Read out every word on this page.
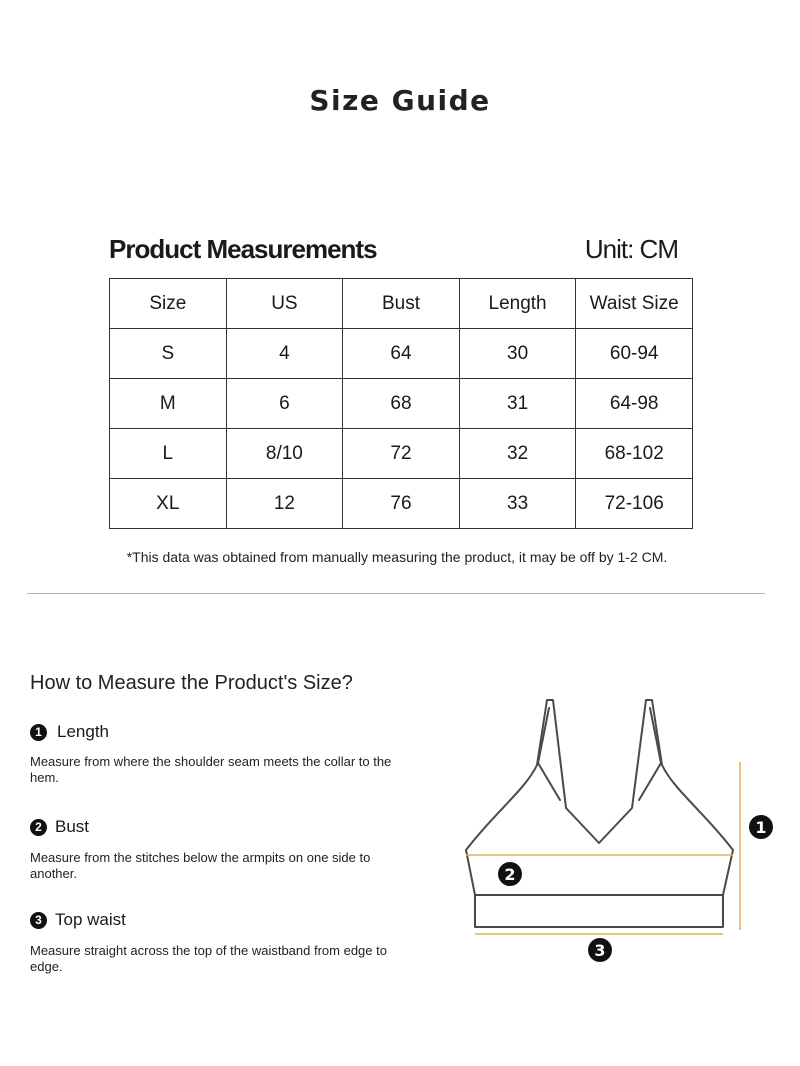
Size Guide
Product Measurements	Unit: CM
Size	US	Bust	Length	Waist Size
S	4	64	30	60-94
M	6	68	31	64-98
L	8/10	72	32	68-102
XL	12	76	33	72-106
*This data was obtained from manually measuring the product, it may be off by 1-2 CM.
How to Measure the Product's Size?
1 Length
Measure from where the shoulder seam meets the collar to the hem.
2 Bust
Measure from the stitches below the armpits on one side to another.
3 Top waist
Measure straight across the top of the waistband from edge to edge.
1
2
3
